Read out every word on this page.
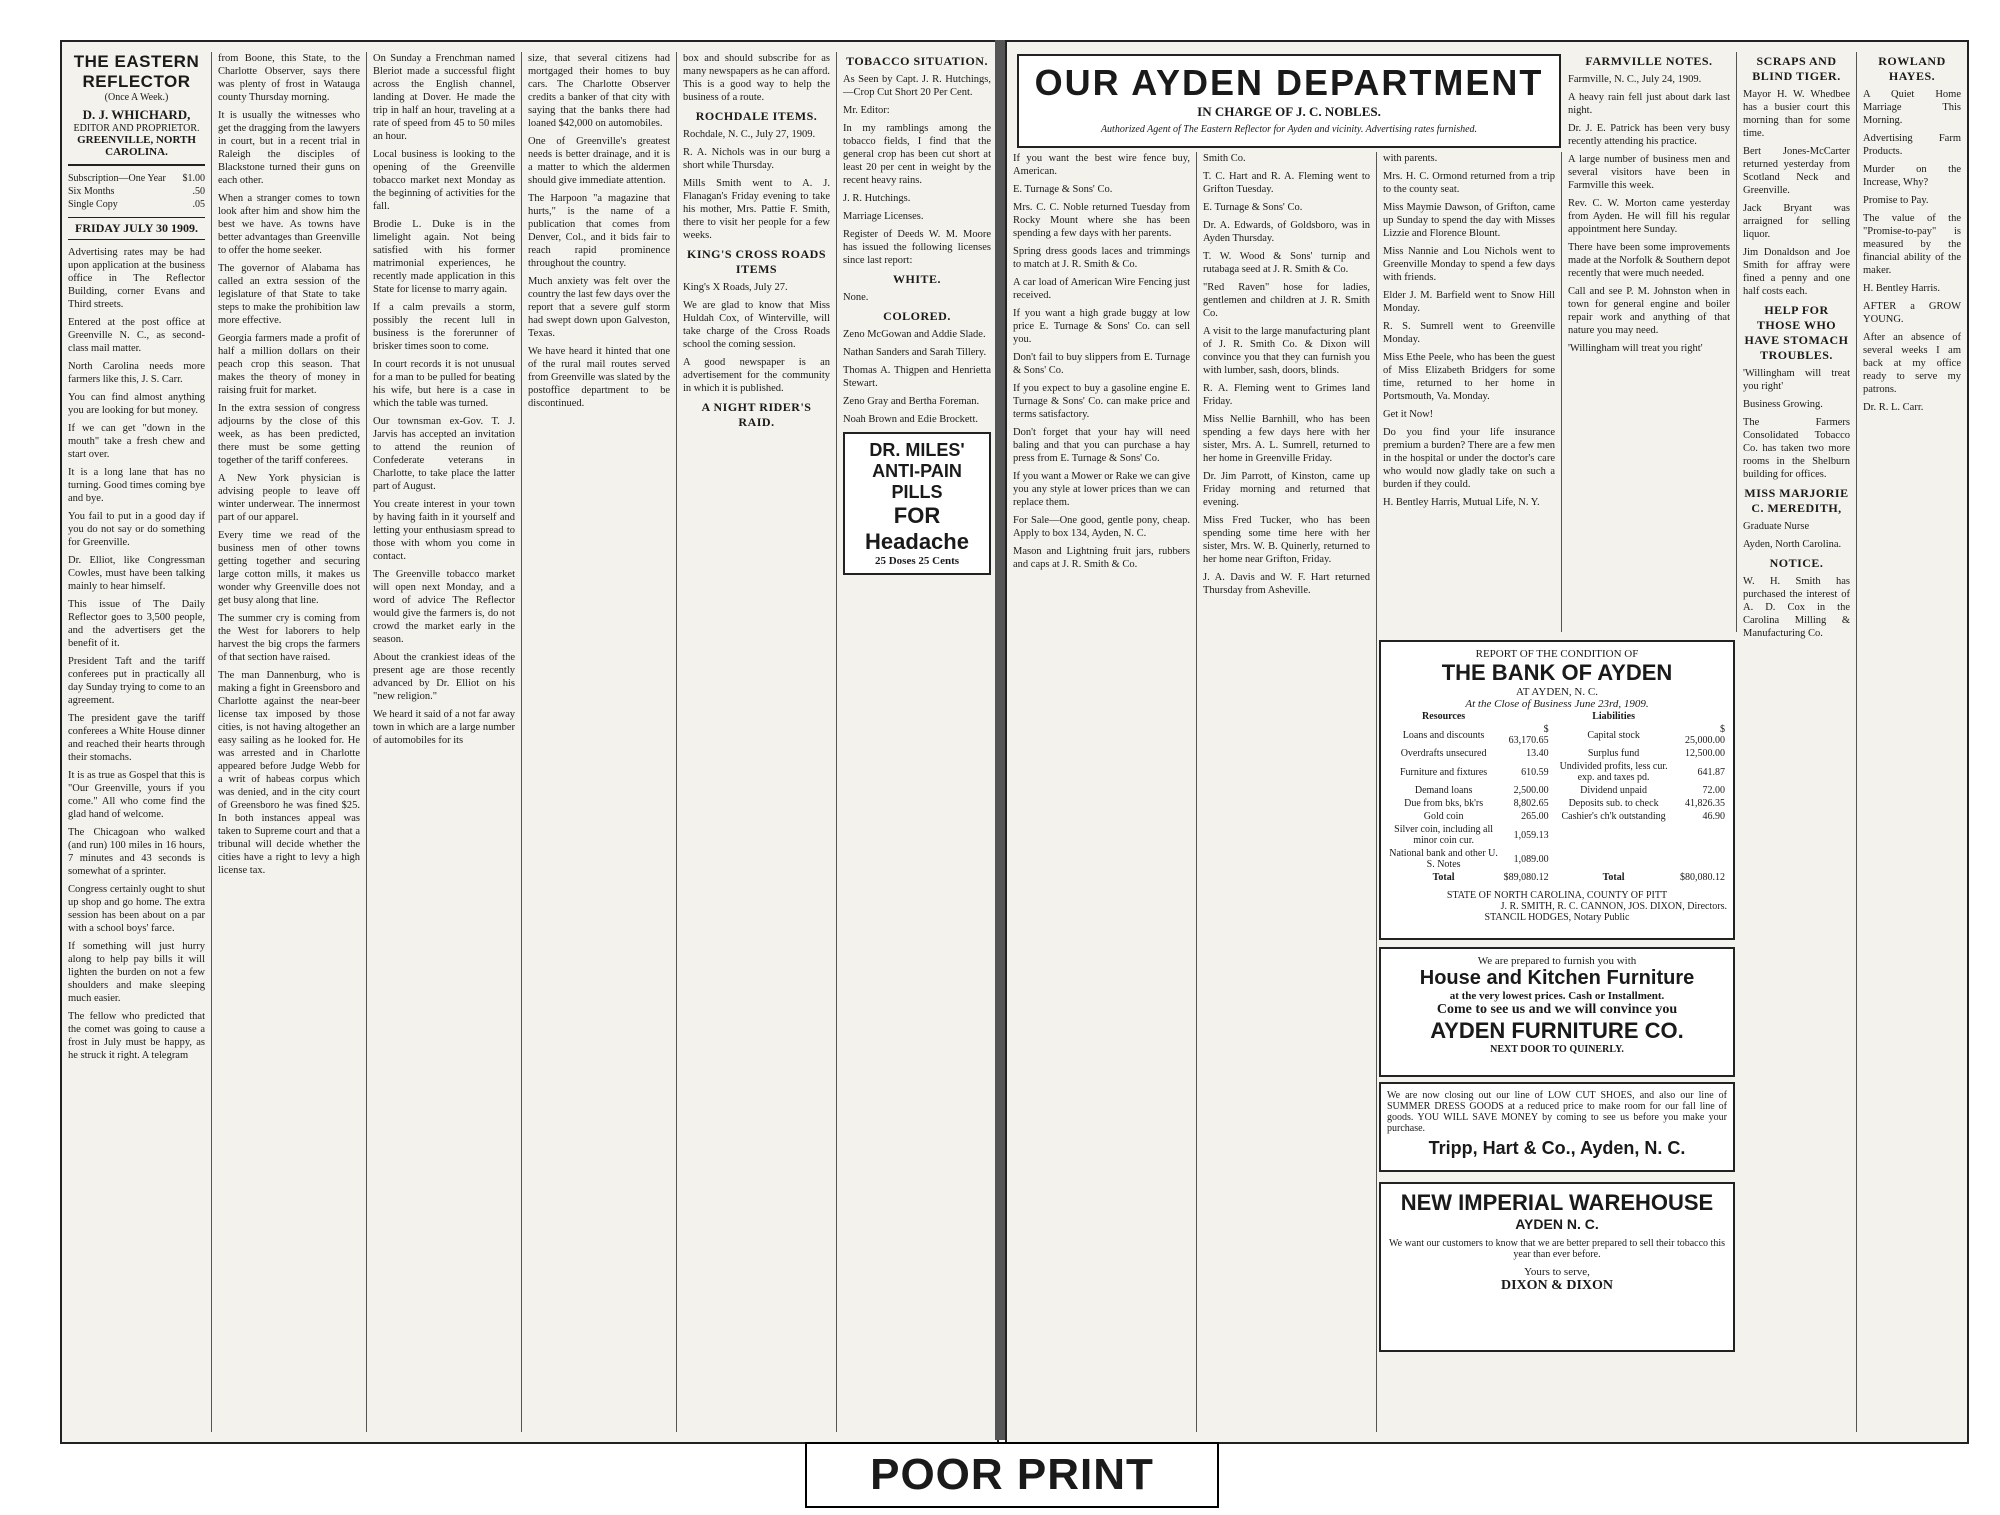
THE EASTERN REFLECTOR
(Once A Week.)
D. J. WHICHARD,
EDITOR AND PROPRIETOR.
GREENVILLE, NORTH CAROLINA.
Subscription—One Year $1.00
Six Months	.50
Single Copy	.05
FRIDAY JULY 30 1909.

Advertising rates may be had upon application at the business office in The Reflector Building, corner Evans and Third streets.

Entered at the post office at Greenville N. C., as second-class mail matter.

North Carolina needs more farmers like this, J. S. Carr.

You can find almost anything you are looking for but money.

If we can get "down in the mouth" take a fresh chew and start over.

It is a long lane that has no turning. Good times coming bye and bye.

You fail to put in a good day if you do not say or do something for Greenville.

Dr. Elliot, like Congressman Cowles, must have been talking mainly to hear himself.

This issue of The Daily Reflector goes to 3,500 people, and the advertisers get the benefit of it.

President Taft and the tariff conferees put in practically all day Sunday trying to come to an agreement.

The president gave the tariff conferees a White House dinner and reached their hearts through their stomachs.

It is as true as Gospel that this is "Our Greenville, yours if you come." All who come find the glad hand of welcome.

The Chicagoan who walked (and run) 100 miles in 16 hours, 7 minutes and 43 seconds is somewhat of a sprinter.

Congress certainly ought to shut up shop and go home. The extra session has been about on a par with a school boys' farce.

If something will just hurry along to help pay bills it will lighten the burden on not a few shoulders and make sleeping much easier.

The fellow who predicted that the comet was going to cause a frost in July must be happy, as he struck it right. A telegram

from Boone, this State, to the Charlotte Observer, says there was plenty of frost in Watauga county Thursday morning.

It is usually the witnesses who get the dragging from the lawyers in court, but in a recent trial in Raleigh the disciples of Blackstone turned their guns on each other.

When a stranger comes to town look after him and show him the best we have. As towns have better advantages than Greenville to offer the home seeker.

The governor of Alabama has called an extra session of the legislature of that State to take steps to make the prohibition law more effective.

Georgia farmers made a profit of half a million dollars on their peach crop this season. That makes the theory of money in raising fruit for market.

In the extra session of congress adjourns by the close of this week, as has been predicted, there must be some getting together of the tariff conferees.

A New York physician is advising people to leave off winter underwear. The innermost part of our apparel.

Every time we read of the business men of other towns getting together and securing large cotton mills, it makes us wonder why Greenville does not get busy along that line.

The summer cry is coming from the West for laborers to help harvest the big crops the farmers of that section have raised.

The man Dannenburg, who is making a fight in Greensboro and Charlotte against the near-beer license tax imposed by those cities, is not having altogether an easy sailing as he looked for. He was arrested and in Charlotte appeared before Judge Webb for a writ of habeas corpus which was denied, and in the city court of Greensboro he was fined $25. In both instances appeal was taken to Supreme court and that a tribunal will decide whether the cities have a right to levy a high license tax.

On Sunday a Frenchman named Bleriot made a successful flight across the English channel, landing at Dover. He made the trip in half an hour, traveling at a rate of speed from 45 to 50 miles an hour.

Local business is looking to the opening of the Greenville tobacco market next Monday as the beginning of activities for the fall.

Brodie L. Duke is in the limelight again. Not being satisfied with his former matrimonial experiences, he recently made application in this State for license to marry again.

If a calm prevails a storm, possibly the recent lull in business is the forerunner of brisker times soon to come.

In court records it is not unusual for a man to be pulled for beating his wife, but here is a case in which the table was turned.

Our townsman ex-Gov. T. J. Jarvis has accepted an invitation to attend the reunion of Confederate veterans in Charlotte, to take place the latter part of August.

You create interest in your town by having faith in it yourself and letting your enthusiasm spread to those with whom you come in contact.

The Greenville tobacco market will open next Monday, and a word of advice The Reflector would give the farmers is, do not crowd the market early in the season.

About the crankiest ideas of the present age are those recently advanced by Dr. Elliot on his "new religion."

We heard it said of a not far away town in which are a large number of automobiles for its

size, that several citizens had mortgaged their homes to buy cars. The Charlotte Observer credits a banker of that city with saying that the banks there had loaned $42,000 on automobiles.

One of Greenville's greatest needs is better drainage, and it is a matter to which the aldermen should give immediate attention.

The Harpoon "a magazine that hurts," is the name of a publication that comes from Denver, Col., and it bids fair to reach rapid prominence throughout the country.

Much anxiety was felt over the country the last few days over the report that a severe gulf storm had swept down upon Galveston, Texas.

We have heard it hinted that one of the rural mail routes served from Greenville was slated by the postoffice department to be discontinued.

box and should subscribe for as many newspapers as he can afford. This is a good way to help the business of a route.

ROCHDALE ITEMS.

Rochdale, N. C., July 27, 1909.

R. A. Nichols was in our burg a short while Thursday.

Mills Smith went to A. J. Flanagan's Friday evening to take his mother, Mrs. Pattie F. Smith, there to visit her people for a few weeks.

KING'S CROSS ROADS ITEMS

King's X Roads, July 27.

We are glad to know that Miss Huldah Cox, of Winterville, will take charge of the Cross Roads school the coming session.

A good newspaper is an advertisement for the community in which it is published.

A NIGHT RIDER'S RAID.
TOBACCO SITUATION.

As Seen by Capt. J. R. Hutchings,—Crop Cut Short 20 Per Cent.

Mr. Editor:

In my ramblings among the tobacco fields, I find that the general crop has been cut short at least 20 per cent in weight by the recent heavy rains.

J. R. Hutchings.

Marriage Licenses.

Register of Deeds W. M. Moore has issued the following licenses since last report:

WHITE.

None.

COLORED.

Zeno McGowan and Addie Slade.

Nathan Sanders and Sarah Tillery.

Thomas A. Thigpen and Henrietta Stewart.

Zeno Gray and Bertha Foreman.

Noah Brown and Edie Brockett.

DR. MILES' ANTI-PAIN PILLS
FOR Headache
25 Doses 25 Cents
OUR AYDEN DEPARTMENT
IN CHARGE OF J. C. NOBLES.
Authorized Agent of The Eastern Reflector for Ayden and vicinity. Advertising rates furnished.

If you want the best wire fence buy, American.

E. Turnage & Sons' Co.

Mrs. C. C. Noble returned Tuesday from Rocky Mount where she has been spending a few days with her parents.

Spring dress goods laces and trimmings to match at J. R. Smith & Co.

A car load of American Wire Fencing just received.

If you want a high grade buggy at low price E. Turnage & Sons' Co. can sell you.

Don't fail to buy slippers from E. Turnage & Sons' Co.

If you expect to buy a gasoline engine E. Turnage & Sons' Co. can make price and terms satisfactory.

Don't forget that your hay will need baling and that you can purchase a hay press from E. Turnage & Sons' Co.

If you want a Mower or Rake we can give you any style at lower prices than we can replace them.

For Sale—One good, gentle pony, cheap. Apply to box 134, Ayden, N. C.

Mason and Lightning fruit jars, rubbers and caps at J. R. Smith & Co.

Smith Co.

T. C. Hart and R. A. Fleming went to Grifton Tuesday.

E. Turnage & Sons' Co.

Dr. A. Edwards, of Goldsboro, was in Ayden Thursday.

T. W. Wood & Sons' turnip and rutabaga seed at J. R. Smith & Co.

"Red Raven" hose for ladies, gentlemen and children at J. R. Smith Co.

A visit to the large manufacturing plant of J. R. Smith Co. & Dixon will convince you that they can furnish you with lumber, sash, doors, blinds.

R. A. Fleming went to Grimes land Friday.

Miss Nellie Barnhill, who has been spending a few days here with her sister, Mrs. A. L. Sumrell, returned to her home in Greenville Friday.

Dr. Jim Parrott, of Kinston, came up Friday morning and returned that evening.

Miss Fred Tucker, who has been spending some time here with her sister, Mrs. W. B. Quinerly, returned to her home near Grifton, Friday.

J. A. Davis and W. F. Hart returned Thursday from Asheville.

with parents.

Mrs. H. C. Ormond returned from a trip to the county seat.

Miss Maymie Dawson, of Grifton, came up Sunday to spend the day with Misses Lizzie and Florence Blount.

Miss Nannie and Lou Nichols went to Greenville Monday to spend a few days with friends.

Elder J. M. Barfield went to Snow Hill Monday.

R. S. Sumrell went to Greenville Monday.

Miss Ethe Peele, who has been the guest of Miss Elizabeth Bridgers for some time, returned to her home in Portsmouth, Va. Monday.

Get it Now!

Do you find your life insurance premium a burden? There are a few men in the hospital or under the doctor's care who would now gladly take on such a burden if they could.

H. Bentley Harris, Mutual Life, N. Y.

FARMVILLE NOTES.

Farmville, N. C., July 24, 1909.

A heavy rain fell just about dark last night.

Dr. J. E. Patrick has been very busy recently attending his practice.

A large number of business men and several visitors have been in Farmville this week.

Rev. C. W. Morton came yesterday from Ayden. He will fill his regular appointment here Sunday.

There have been some improvements made at the Norfolk & Southern depot recently that were much needed.

Call and see P. M. Johnston when in town for general engine and boiler repair work and anything of that nature you may need.

'Willingham will treat you right'

REPORT OF THE CONDITION OF
THE BANK OF AYDEN
AT AYDEN, N. C.
At the Close of Business June 23rd, 1909.
Resources		Liabilities	
Loans and discounts	$ 63,170.65	Capital stock	$ 25,000.00
Overdrafts unsecured	13.40	Surplus fund	12,500.00
Furniture and fixtures	610.59	Undivided profits, less cur. exp. and taxes pd.	641.87
Demand loans	2,500.00	Dividend unpaid	72.00
Due from bks, bk'rs	8,802.65	Deposits sub. to check	41,826.35
Gold coin	265.00	Cashier's ch'k outstanding	46.90
Silver coin, including all minor coin cur.	1,059.13		
National bank and other U. S. Notes	1,089.00		
Total	$89,080.12	Total	$80,080.12
STATE OF NORTH CAROLINA, COUNTY OF PITT
J. R. SMITH, R. C. CANNON, JOS. DIXON, Directors.
STANCIL HODGES, Notary Public
We are prepared to furnish you with
House and Kitchen Furniture
at the very lowest prices. Cash or Installment.
Come to see us and we will convince you
AYDEN FURNITURE CO.
NEXT DOOR TO QUINERLY.
We are now closing out our line of LOW CUT SHOES, and also our line of SUMMER DRESS GOODS at a reduced price to make room for our fall line of goods. YOU WILL SAVE MONEY by coming to see us before you make your purchase.
Tripp, Hart & Co., Ayden, N. C.
NEW IMPERIAL WAREHOUSE
AYDEN N. C.
We want our customers to know that we are better prepared to sell their tobacco this year than ever before.
Yours to serve,
DIXON & DIXON
SCRAPS AND BLIND TIGER.

Mayor H. W. Whedbee has a busier court this morning than for some time.

Bert Jones-McCarter returned yesterday from Scotland Neck and Greenville.

Jack Bryant was arraigned for selling liquor.

Jim Donaldson and Joe Smith for affray were fined a penny and one half costs each.

HELP FOR THOSE WHO HAVE STOMACH TROUBLES.

'Willingham will treat you right'

Business Growing.

The Farmers Consolidated Tobacco Co. has taken two more rooms in the Shelburn building for offices.

MISS MARJORIE C. MEREDITH,

Graduate Nurse

Ayden, North Carolina.

NOTICE.

W. H. Smith has purchased the interest of A. D. Cox in the Carolina Milling & Manufacturing Co.

ROWLAND HAYES.

A Quiet Home Marriage This Morning.

Advertising Farm Products.

Murder on the Increase, Why?

Promise to Pay.

The value of the "Promise-to-pay" is measured by the financial ability of the maker.

H. Bentley Harris.

AFTER a GROW YOUNG.

After an absence of several weeks I am back at my office ready to serve my patrons.

Dr. R. L. Carr.

POOR PRINT
